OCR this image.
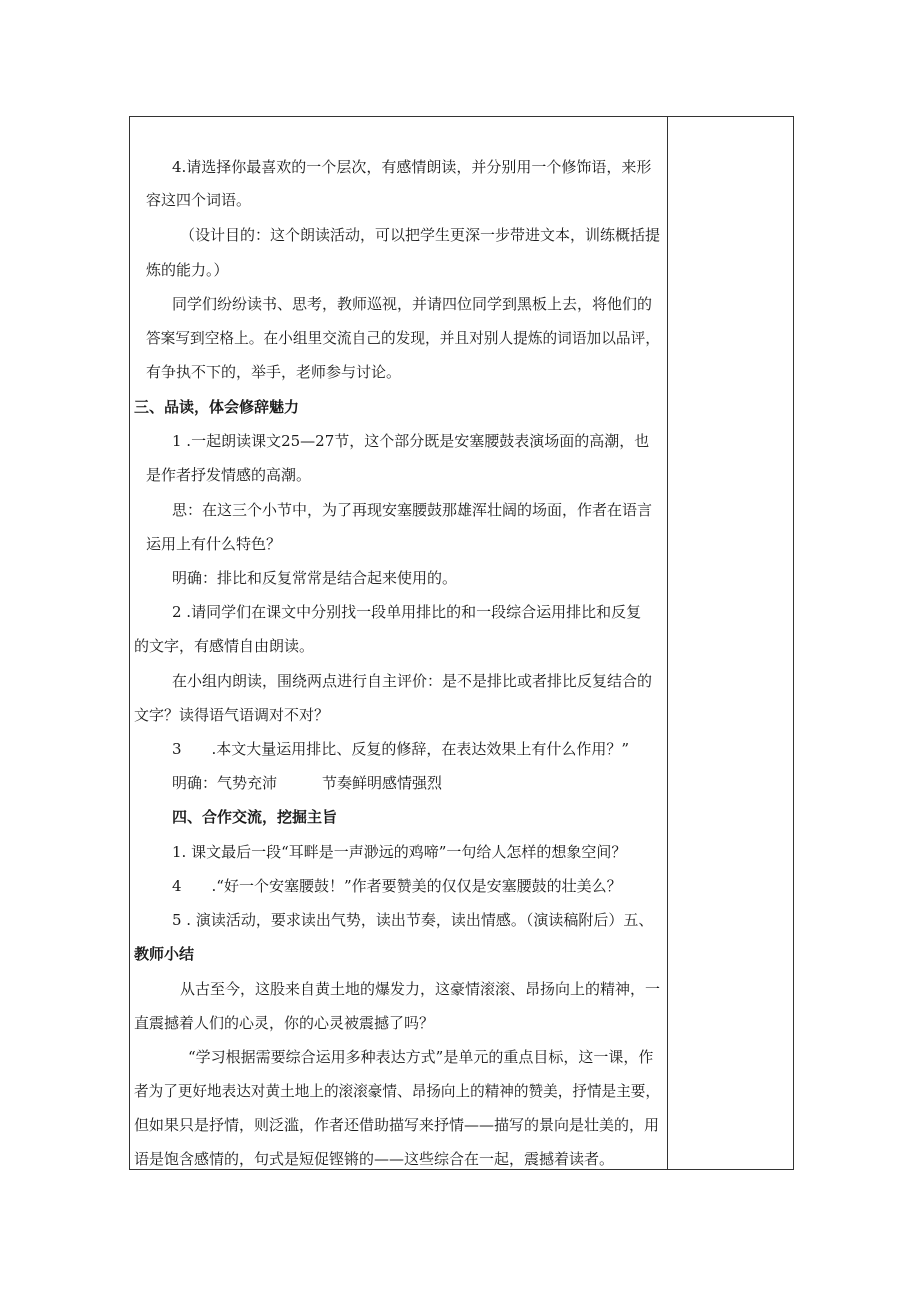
4.请选择你最喜欢的一个层次，有感情朗读，并分别用一个修饰语，来形
容这四个词语。
（设计目的：这个朗读活动，可以把学生更深一步带进文本，训练概括提
炼的能力。）
同学们纷纷读书、思考，教师巡视，并请四位同学到黑板上去，将他们的
答案写到空格上。在小组里交流自己的发现，并且对别人提炼的词语加以品评，
有争执不下的，举手，老师参与讨论。
三、品读，体会修辞魅力
1 .一起朗读课文25—27节，这个部分既是安塞腰鼓表演场面的高潮，也
是作者抒发情感的高潮。
思：在这三个小节中，为了再现安塞腰鼓那雄浑壮阔的场面，作者在语言
运用上有什么特色？
明确：排比和反复常常是结合起来使用的。
2 .请同学们在课文中分别找一段单用排比的和一段综合运用排比和反复
的文字，有感情自由朗读。
在小组内朗读，围绕两点进行自主评价：是不是排比或者排比反复结合的
文字？读得语气语调对不对？
3　　.本文大量运用排比、反复的修辞，在表达效果上有什么作用？”
明确：气势充沛　　　节奏鲜明感情强烈
四、合作交流，挖掘主旨
1. 课文最后一段“耳畔是一声渺远的鸡啼”一句给人怎样的想象空间？
4　　.“好一个安塞腰鼓！”作者要赞美的仅仅是安塞腰鼓的壮美么？
5 . 演读活动，要求读出气势，读出节奏，读出情感。（演读稿附后）五、
教师小结
从古至今，这股来自黄土地的爆发力，这豪情滚滚、昂扬向上的精神，一
直震撼着人们的心灵，你的心灵被震撼了吗？
“学习根据需要综合运用多种表达方式”是单元的重点目标，这一课，作
者为了更好地表达对黄土地上的滚滚豪情、昂扬向上的精神的赞美，抒情是主要，
但如果只是抒情，则泛滥，作者还借助描写来抒情——描写的景向是壮美的，用
语是饱含感情的，句式是短促铿锵的——这些综合在一起，震撼着读者。
